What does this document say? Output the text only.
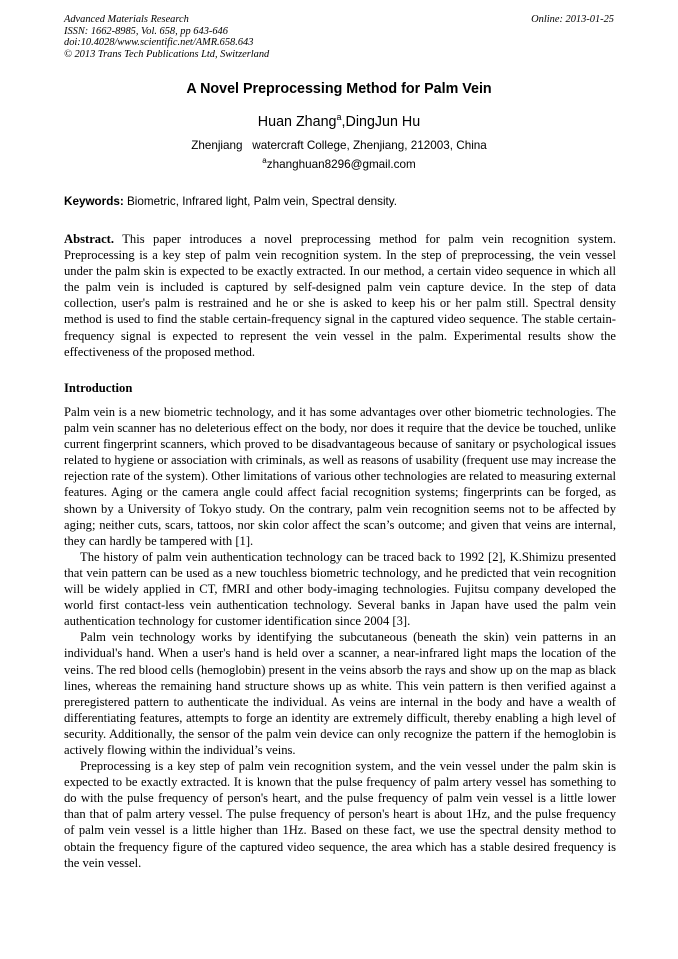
Advanced Materials Research
ISSN: 1662-8985, Vol. 658, pp 643-646
doi:10.4028/www.scientific.net/AMR.658.643
© 2013 Trans Tech Publications Ltd, Switzerland
Online: 2013-01-25
A Novel Preprocessing Method for Palm Vein
Huan Zhang$^a$,DingJun Hu
Zhenjiang   watercraft College, Zhenjiang, 212003, China
$^a$zhanghuan8296@gmail.com
Keywords: Biometric, Infrared light, Palm vein, Spectral density.
Abstract. This paper introduces a novel preprocessing method for palm vein recognition system. Preprocessing is a key step of palm vein recognition system. In the step of preprocessing, the vein vessel under the palm skin is expected to be exactly extracted. In our method, a certain video sequence in which all the palm vein is included is captured by self-designed palm vein capture device. In the step of data collection, user's palm is restrained and he or she is asked to keep his or her palm still. Spectral density method is used to find the stable certain-frequency signal in the captured video sequence. The stable certain-frequency signal is expected to represent the vein vessel in the palm. Experimental results show the effectiveness of the proposed method.
Introduction

Palm vein is a new biometric technology, and it has some advantages over other biometric technologies. The palm vein scanner has no deleterious effect on the body, nor does it require that the device be touched, unlike current fingerprint scanners, which proved to be disadvantageous because of sanitary or psychological issues related to hygiene or association with criminals, as well as reasons of usability (frequent use may increase the rejection rate of the system). Other limitations of various other technologies are related to measuring external features. Aging or the camera angle could affect facial recognition systems; fingerprints can be forged, as shown by a University of Tokyo study. On the contrary, palm vein recognition seems not to be affected by aging; neither cuts, scars, tattoos, nor skin color affect the scan’s outcome; and given that veins are internal, they can hardly be tampered with [1].

The history of palm vein authentication technology can be traced back to 1992 [2], K.Shimizu presented that vein pattern can be used as a new touchless biometric technology, and he predicted that vein recognition will be widely applied in CT, fMRI and other body-imaging technologies. Fujitsu company developed the world first contact-less vein authentication technology. Several banks in Japan have used the palm vein authentication technology for customer identification since 2004 [3].

Palm vein technology works by identifying the subcutaneous (beneath the skin) vein patterns in an individual's hand. When a user's hand is held over a scanner, a near-infrared light maps the location of the veins. The red blood cells (hemoglobin) present in the veins absorb the rays and show up on the map as black lines, whereas the remaining hand structure shows up as white. This vein pattern is then verified against a preregistered pattern to authenticate the individual. As veins are internal in the body and have a wealth of differentiating features, attempts to forge an identity are extremely difficult, thereby enabling a high level of security. Additionally, the sensor of the palm vein device can only recognize the pattern if the hemoglobin is actively flowing within the individual’s veins.

Preprocessing is a key step of palm vein recognition system, and the vein vessel under the palm skin is expected to be exactly extracted. It is known that the pulse frequency of palm artery vessel has something to do with the pulse frequency of person's heart, and the pulse frequency of palm vein vessel is a little lower than that of palm artery vessel. The pulse frequency of person's heart is about 1Hz, and the pulse frequency of palm vein vessel is a little higher than 1Hz. Based on these fact, we use the spectral density method to obtain the frequency figure of the captured video sequence, the area which has a stable desired frequency is the vein vessel.
